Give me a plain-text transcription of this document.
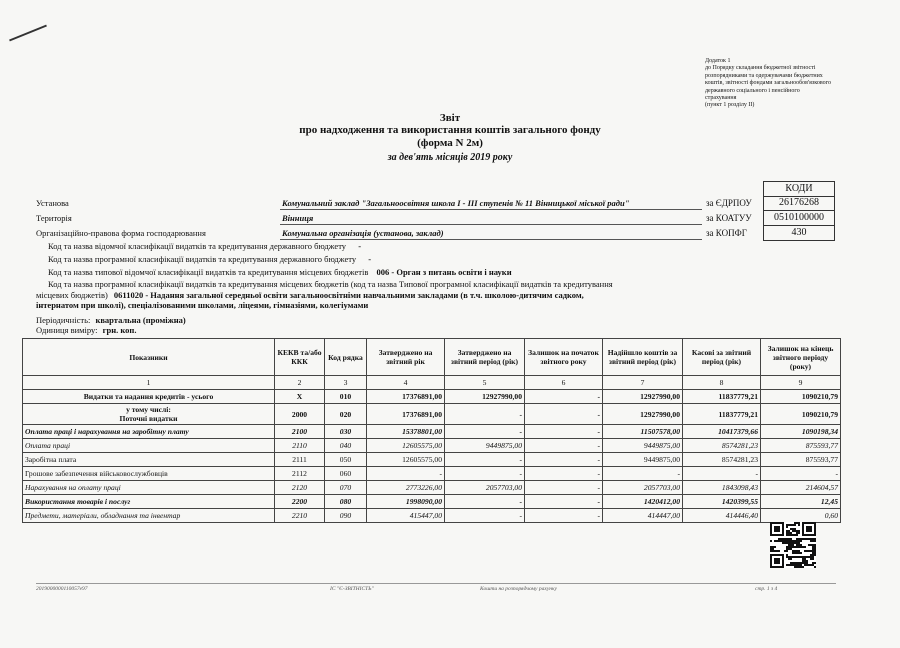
Додаток 1
до Порядку складання бюджетної звітності
розпорядниками та одержувачами бюджетних
коштів, звітності фондами загальнообов'язкового
державного соціального і пенсійного
страхування
(пункт 1 розділу II)
Звіт
про надходження та використання коштів загального фонду
(форма N 2м)
за дев'ять місяців 2019 року
КОДИ
26176268
0510100000
430
за ЄДРПОУ
за КОАТУУ
за КОПФГ
Установа	Комунальний заклад "Загальноосвітня школа І - ІІІ ступенів № 11 Вінницької міської ради"
Територія	Вінниця
Організаційно-правова форма господарювання	Комунальна організація (установа, заклад)
Код та назва відомчої класифікації видатків та кредитування державного бюджету -
Код та назва програмної класифікації видатків та кредитування державного бюджету -
Код та назва типової відомчої класифікації видатків та кредитування місцевих бюджетів 006 - Орган з питань освіти і науки
Код та назва програмної класифікації видатків та кредитування місцевих бюджетів (код та назва Типової програмної класифікації видатків та кредитування
місцевих бюджетів) 0611020 - Надання загальної середньої освіти загальноосвітніми навчальними закладами (в т.ч. школою-дитячим садком,
інтернатом при школі), спеціалізованими школами, ліцеями, гімназіями, колегіумами
Періодичність: квартальна (проміжна)
Одиниця виміру: грн. коп.
Показники	КЕКВ та/або ККК	Код рядка	Затверджено на звітний рік	Затверджено на звітний період (рік)	Залишок на початок звітного року	Надійшло коштів за звітний період (рік)	Касові за звітний період (рік)	Залишок на кінець звітного періоду (року)
1	2	3	4	5	6	7	8	9
Видатки та надання кредитів - усього	X	010	17376891,00	12927990,00	-	12927990,00	11837779,21	1090210,79
у тому числі:
Поточні видатки	2000	020	17376891,00	-	-	12927990,00	11837779,21	1090210,79
Оплата праці і нарахування на заробітну плату	2100	030	15378801,00	-	-	11507578,00	10417379,66	1090198,34
Оплата праці	2110	040	12605575,00	9449875,00	-	9449875,00	8574281,23	875593,77
Заробітна плата	2111	050	12605575,00	-	-	9449875,00	8574281,23	875593,77
Грошове забезпечення військовослужбовців	2112	060	-	-	-	-	-	-
Нарахування на оплату праці	2120	070	2773226,00	2057703,00	-	2057703,00	1843098,43	214604,57
Використання товарів і послуг	2200	080	1998090,00	-	-	1420412,00	1420399,55	12,45
Предмети, матеріали, обладнання та інвентар	2210	090	415447,00	-	-	414447,00	414446,40	0,60
2019000000110057e97	ІС "Є-ЗВІТНІСТЬ"	Кошти на розпорядчому рахунку	стр. 1 з 4
